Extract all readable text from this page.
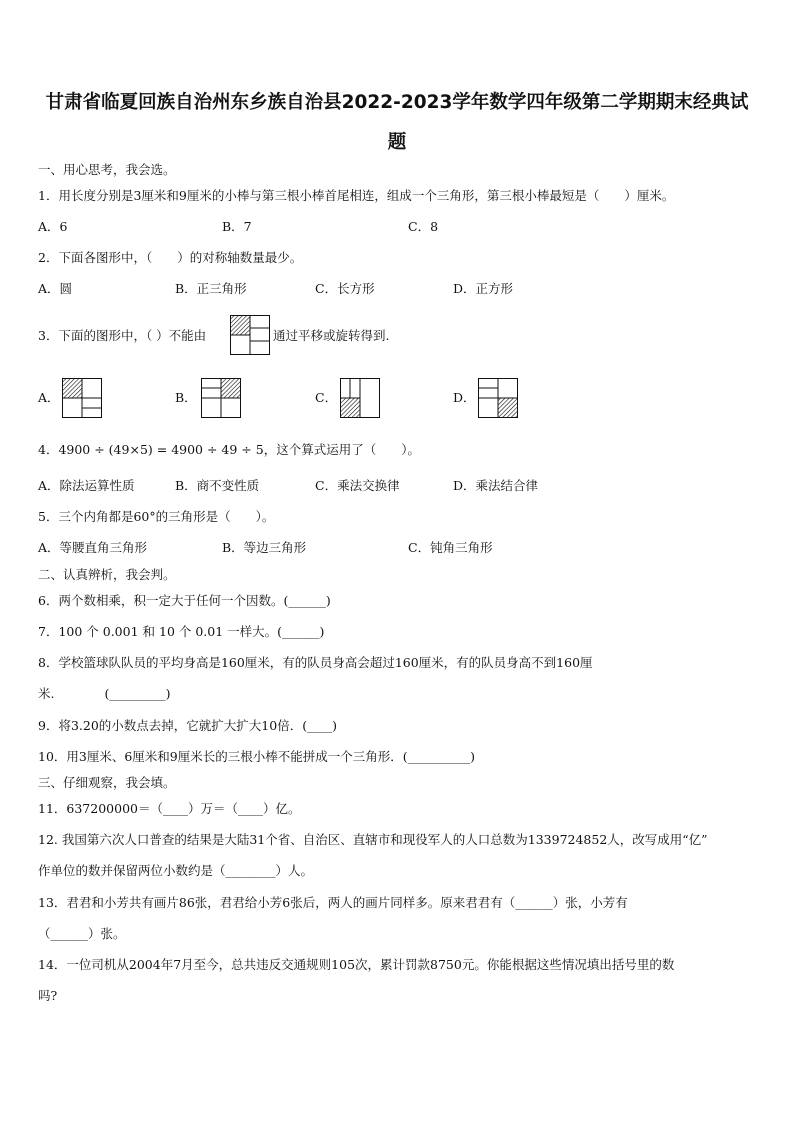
甘肃省临夏回族自治州东乡族自治县2022-2023学年数学四年级第二学期期末经典试
题
一、用心思考，我会选。
1．用长度分别是3厘米和9厘米的小棒与第三根小棒首尾相连，组成一个三角形，第三根小棒最短是（　　）厘米。
A．6	B．7	C．8
2．下面各图形中，（　　）的对称轴数量最少。
A．圆	B．正三角形	C．长方形	D．正方形
3．下面的图形中，（ ）不能由	通过平移或旋转得到.
A．	B．	C．	D．
4．4900 ÷ (49×5) = 4900 ÷ 49 ÷ 5，这个算式运用了（　　）。
A．除法运算性质	B．商不变性质	C．乘法交换律	D．乘法结合律
5．三个内角都是60°的三角形是（　　）。
A．等腰直角三角形	B．等边三角形	C．钝角三角形
二、认真辨析，我会判。
6．两个数相乘，积一定大于任何一个因数。(______)
7．100 个 0.001 和 10 个 0.01 一样大。(______)
8．学校篮球队队员的平均身高是160厘米，有的队员身高会超过160厘米，有的队员身高不到160厘
米.　　　　(_________)
9．将3.20的小数点去掉，它就扩大扩大10倍．(____)
10．用3厘米、6厘米和9厘米长的三根小棒不能拼成一个三角形．(__________)
三、仔细观察，我会填。
11．637200000＝（____）万＝（____）亿。
12. 我国第六次人口普查的结果是大陆31个省、自治区、直辖市和现役军人的人口总数为1339724852人，改写成用“亿”
作单位的数并保留两位小数约是（________）人。
13．君君和小芳共有画片86张，君君给小芳6张后，两人的画片同样多。原来君君有（______）张，小芳有
（______）张。
14．一位司机从2004年7月至今，总共违反交通规则105次，累计罚款8750元。你能根据这些情况填出括号里的数
吗?
